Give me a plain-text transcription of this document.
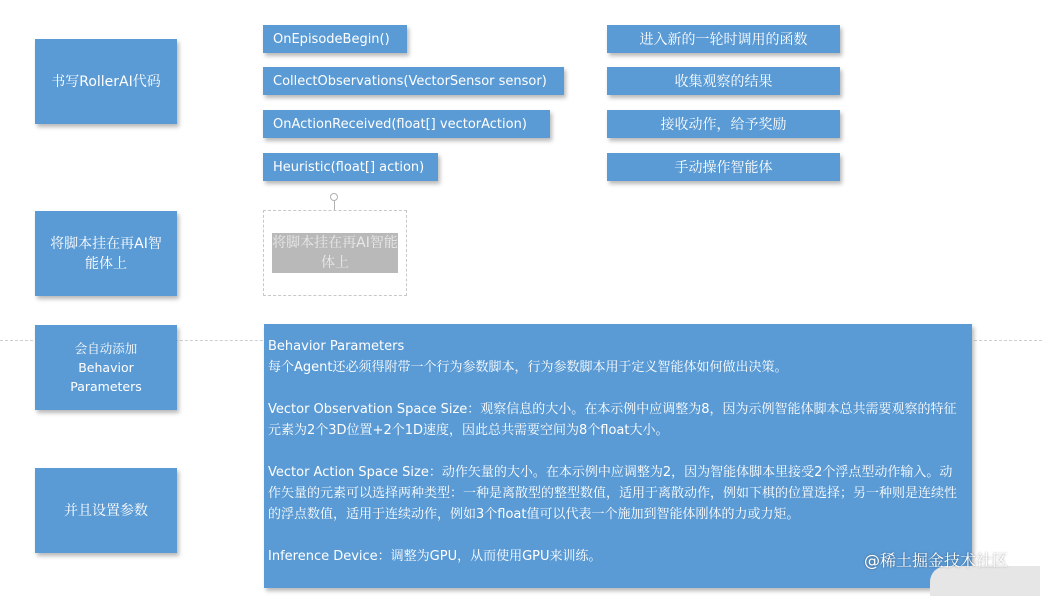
书写RollerAI代码
将脚本挂在再AI智能体上
会自动添加
Behavior
Parameters
并且设置参数
OnEpisodeBegin()
CollectObservations(VectorSensor sensor)
OnActionReceived(float[] vectorAction)
Heuristic(float[] action)
进入新的一轮时调用的函数
收集观察的结果
接收动作，给予奖励
手动操作智能体
将脚本挂在再AI智能体上

Behavior Parameters

每个Agent还必须得附带一个行为参数脚本，行为参数脚本用于定义智能体如何做出决策。

Vector Observation Space Size：观察信息的大小。在本示例中应调整为8，因为示例智能体脚本总共需要观察的特征元素为2个3D位置+2个1D速度，因此总共需要空间为8个float大小。

Vector Action Space Size：动作矢量的大小。在本示例中应调整为2，因为智能体脚本里接受2个浮点型动作输入。动作矢量的元素可以选择两种类型：一种是离散型的整型数值，适用于离散动作，例如下棋的位置选择；另一种则是连续性的浮点数值，适用于连续动作，例如3个float值可以代表一个施加到智能体刚体的力或力矩。

Inference Device：调整为GPU，从而使用GPU来训练。	@稀土掘金技术社区
